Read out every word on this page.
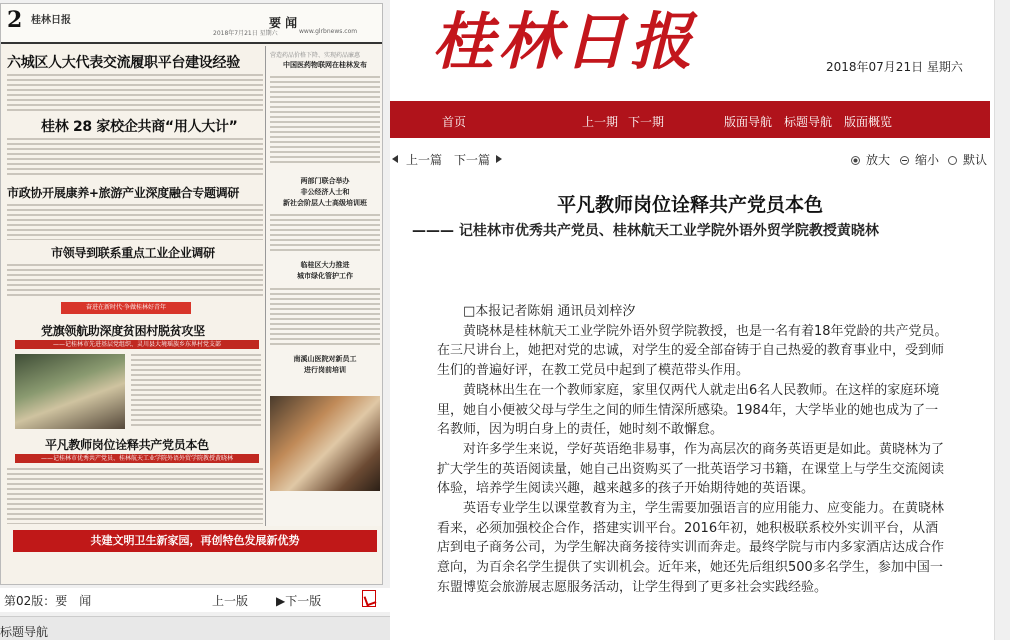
2 桂林日报
2018年7月21日 星期六
要 闻
www.glrbnews.com
六城区人大代表交流履职平台建设经验
桂林 28 家校企共商“用人大计”
市政协开展康养+旅游产业深度融合专题调研
市领导到联系重点工业企业调研
奋进在新时代·争做桂林好青年
党旗领航助深度贫困村脱贫攻坚
——记桂林市先进基层党组织、灵川县大境瑶族乡东界村党支部
平凡教师岗位诠释共产党员本色
——记桂林市优秀共产党员、桂林航天工业学院外语外贸学院教授黄晓林
营造药品价格下降、实现药品廉惠
中国医药物联网在桂林发布
两部门联合举办
非公经济人士和
新社会阶层人士高级培训班
临桂区大力推进
城市绿化管护工作
南溪山医院对新员工
进行岗前培训
共建文明卫生新家园，再创特色发展新优势
第02版：要　闻	上一版 ▶下一版
标题导航
桂林日报	2018年07月21日 星期六
首页	上一期 下一期	版面导航 标题导航 版面概览
上一篇 下一篇	放大	缩小	默认
平凡教师岗位诠释共产党员本色
——— 记桂林市优秀共产党员、桂林航天工业学院外语外贸学院教授黄晓林

□本报记者陈娟 通讯员刘梓汐

黄晓林是桂林航天工业学院外语外贸学院教授，也是一名有着18年党龄的共产党员。在三尺讲台上，她把对党的忠诚，对学生的爱全部奋铸于自己热爱的教育事业中，受到师生们的普遍好评，在教工党员中起到了模范带头作用。

黄晓林出生在一个教师家庭，家里仅两代人就走出6名人民教师。在这样的家庭环境里，她自小便被父母与学生之间的师生情深所感染。1984年，大学毕业的她也成为了一名教师，因为明白身上的责任，她时刻不敢懈怠。

对许多学生来说，学好英语绝非易事，作为高层次的商务英语更是如此。黄晓林为了扩大学生的英语阅读量，她自己出资购买了一批英语学习书籍，在课堂上与学生交流阅读体验，培养学生阅读兴趣，越来越多的孩子开始期待她的英语课。

英语专业学生以课堂教育为主，学生需要加强语言的应用能力、应变能力。在黄晓林看来，必须加强校企合作，搭建实训平台。2016年初，她积极联系校外实训平台，从酒店到电子商务公司，为学生解决商务接待实训而奔走。最终学院与市内多家酒店达成合作意向，为百余名学生提供了实训机会。近年来，她还先后组织500多名学生，参加中国一东盟博览会旅游展志愿服务活动，让学生得到了更多社会实践经验。
